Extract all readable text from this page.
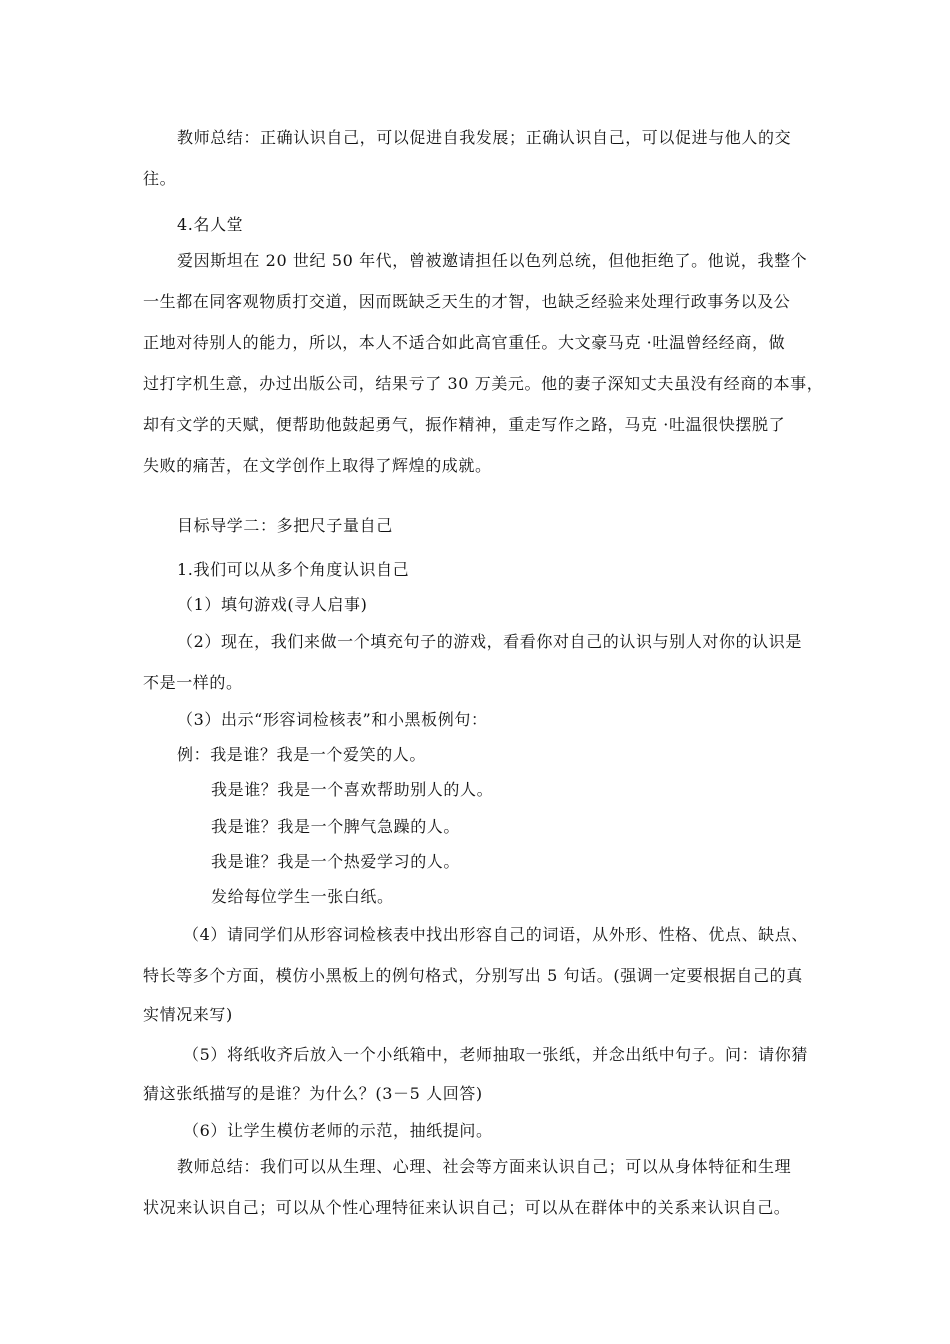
教师总结：正确认识自己，可以促进自我发展；正确认识自己，可以促进与他人的交
往。
4.名人堂
爱因斯坦在 20 世纪 50 年代，曾被邀请担任以色列总统，但他拒绝了。他说，我整个
一生都在同客观物质打交道，因而既缺乏天生的才智，也缺乏经验来处理行政事务以及公
正地对待别人的能力，所以，本人不适合如此高官重任。大文豪马克 ·吐温曾经经商，做
过打字机生意，办过出版公司，结果亏了 30 万美元。他的妻子深知丈夫虽没有经商的本事，
却有文学的天赋，便帮助他鼓起勇气，振作精神，重走写作之路，马克 ·吐温很快摆脱了
失败的痛苦，在文学创作上取得了辉煌的成就。
目标导学二：多把尺子量自己
1.我们可以从多个角度认识自己
（1）填句游戏(寻人启事)
（2）现在，我们来做一个填充句子的游戏，看看你对自己的认识与别人对你的认识是
不是一样的。
（3）出示“形容词检核表”和小黑板例句：
例：我是谁？我是一个爱笑的人。
我是谁？我是一个喜欢帮助别人的人。
我是谁？我是一个脾气急躁的人。
我是谁？我是一个热爱学习的人。
发给每位学生一张白纸。
（4）请同学们从形容词检核表中找出形容自己的词语，从外形、性格、优点、缺点、
特长等多个方面，模仿小黑板上的例句格式，分别写出 5 句话。(强调一定要根据自己的真
实情况来写)
（5）将纸收齐后放入一个小纸箱中，老师抽取一张纸，并念出纸中句子。问：请你猜
猜这张纸描写的是谁？为什么？(3－5 人回答)
（6）让学生模仿老师的示范，抽纸提问。
教师总结：我们可以从生理、心理、社会等方面来认识自己；可以从身体特征和生理
状况来认识自己；可以从个性心理特征来认识自己；可以从在群体中的关系来认识自己。
